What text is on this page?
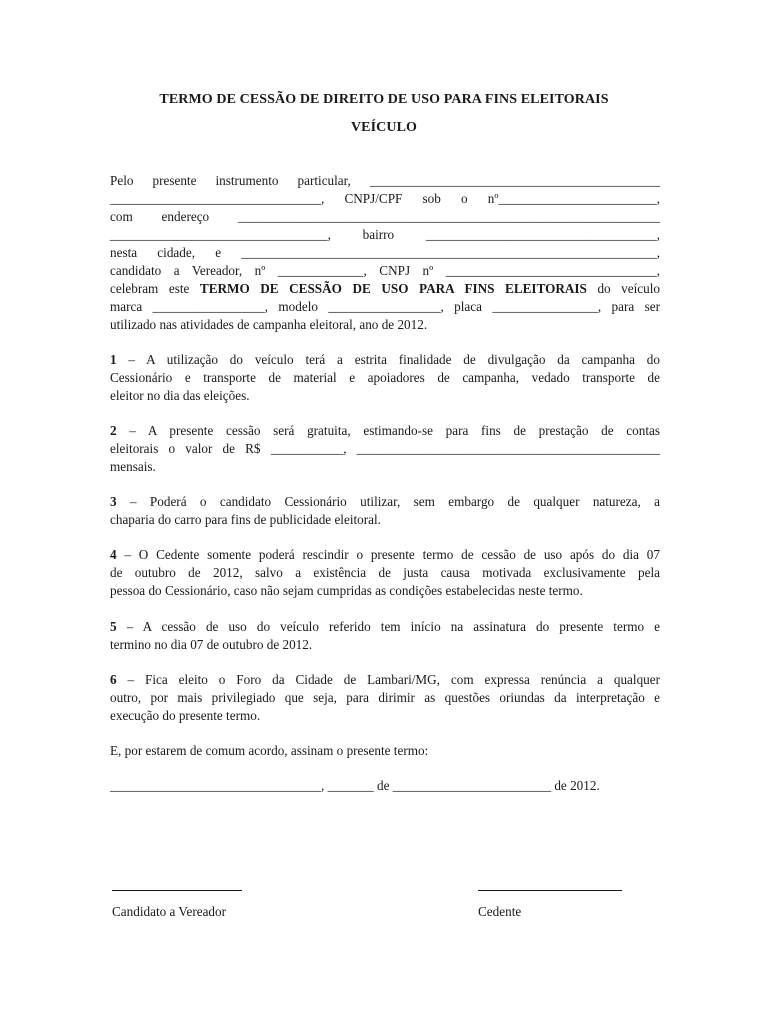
TERMO DE CESSÃO DE DIREITO DE USO PARA FINS ELEITORAIS
VEÍCULO
Pelo presente instrumento particular, ____________________________________________
________________________________, CNPJ/CPF sob o nº________________________,
com endereço ________________________________________________________________
_________________________________, bairro ___________________________________,
nesta cidade, e _______________________________________________________________,
candidato a Vereador, nº _____________, CNPJ nº ________________________________,
celebram este TERMO DE CESSÃO DE USO PARA FINS ELEITORAIS do veículo
marca _________________, modelo _________________, placa ________________, para ser
utilizado nas atividades de campanha eleitoral, ano de 2012.
1 – A utilização do veículo terá a estrita finalidade de divulgação da campanha do
Cessionário e transporte de material e apoiadores de campanha, vedado transporte de
eleitor no dia das eleições.
2 – A presente cessão será gratuita, estimando-se para fins de prestação de contas
eleitorais o valor de R$ ___________, ______________________________________________
mensais.
3 – Poderá o candidato Cessionário utilizar, sem embargo de qualquer natureza, a
chaparia do carro para fins de publicidade eleitoral.
4 – O Cedente somente poderá rescindir o presente termo de cessão de uso após do dia 07
de outubro de 2012, salvo a existência de justa causa motivada exclusivamente pela
pessoa do Cessionário, caso não sejam cumpridas as condições estabelecidas neste termo.
5 – A cessão de uso do veículo referido tem início na assinatura do presente termo e
termino no dia 07 de outubro de 2012.
6 – Fica eleito o Foro da Cidade de Lambari/MG, com expressa renúncia a qualquer
outro, por mais privilegiado que seja, para dirimir as questões oriundas da interpretação e
execução do presente termo.
E, por estarem de comum acordo, assinam o presente termo:
________________________________, _______ de ________________________ de 2012.
Candidato a Vereador	Cedente
